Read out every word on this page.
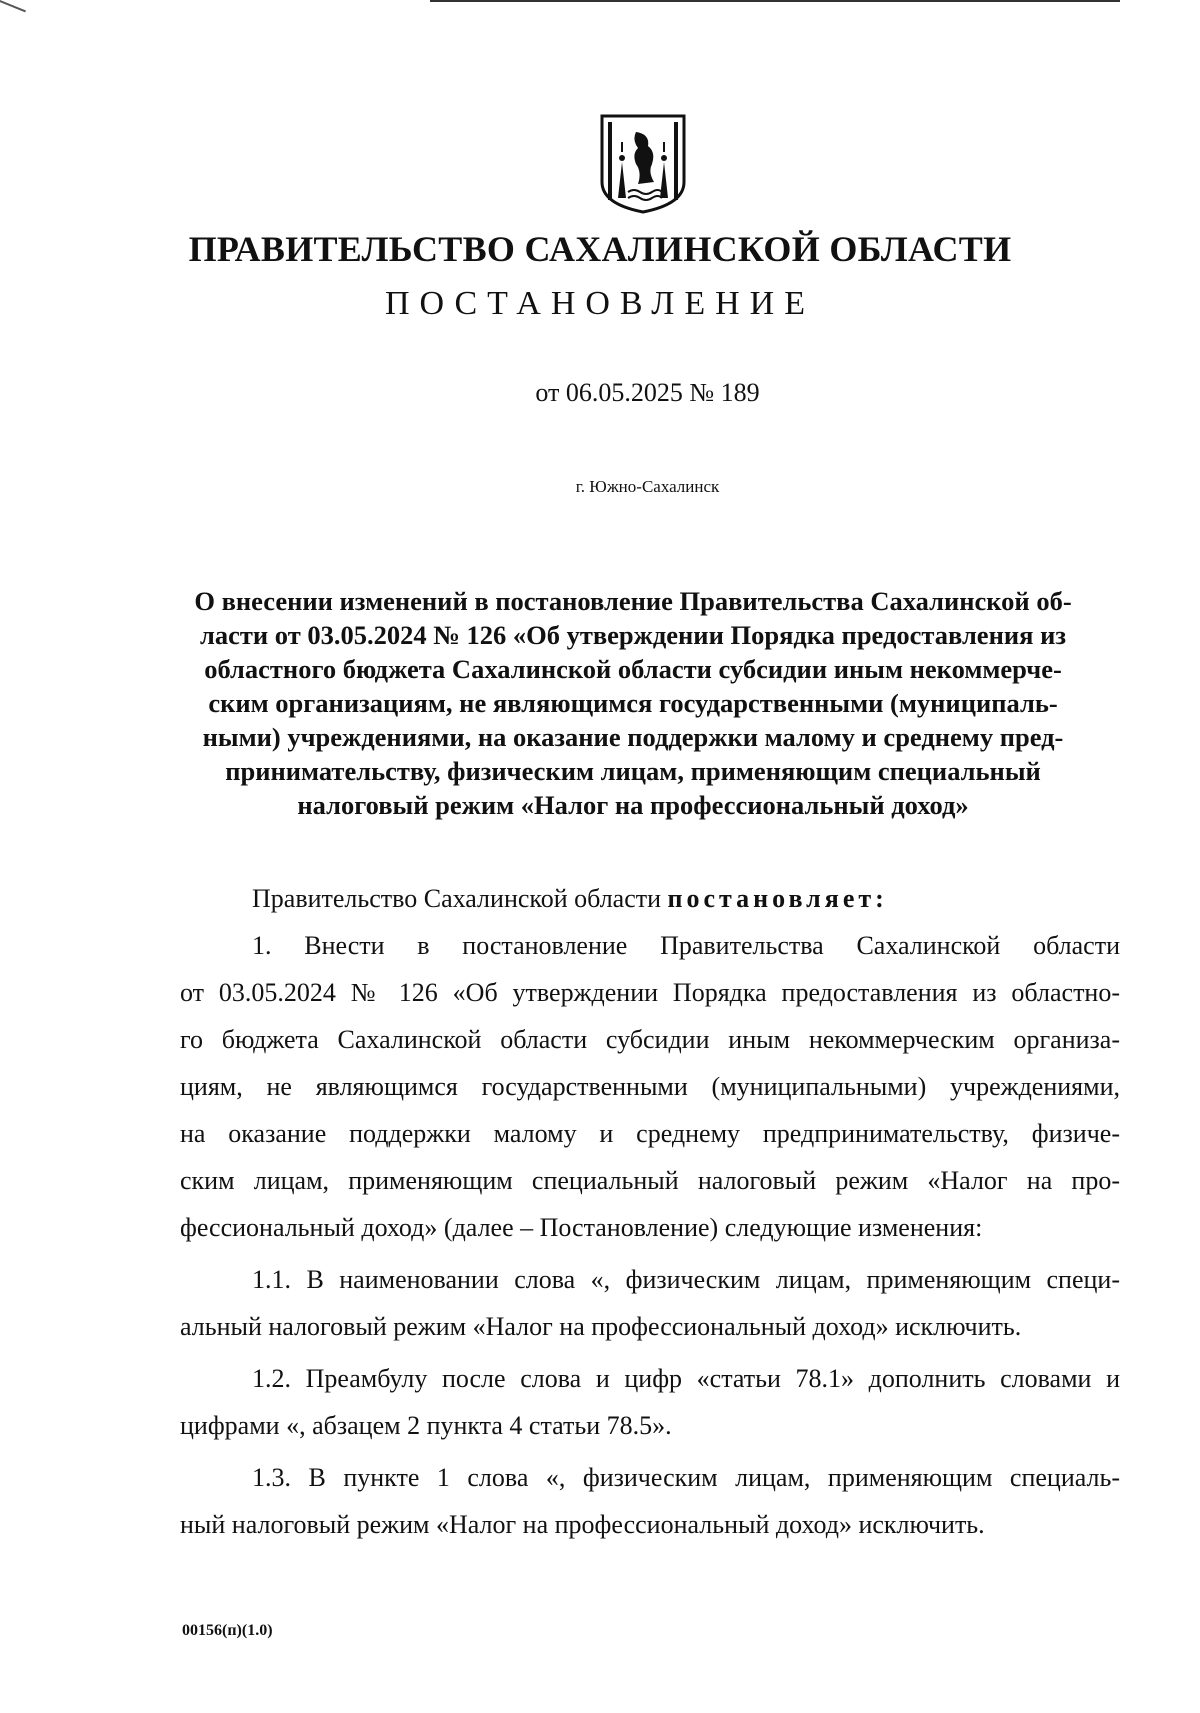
ПРАВИТЕЛЬСТВО САХАЛИНСКОЙ ОБЛАСТИ
ПОСТАНОВЛЕНИЕ
от 06.05.2025 № 189
г. Южно-Сахалинск
О внесении изменений в постановление Правительства Сахалинской об-
ласти от 03.05.2024 № 126 «Об утверждении Порядка предоставления из
областного бюджета Сахалинской области субсидии иным некоммерче-
ским организациям, не являющимся государственными (муниципаль-
ными) учреждениями, на оказание поддержки малому и среднему пред-
принимательству, физическим лицам, применяющим специальный
налоговый режим «Налог на профессиональный доход»
Правительство Сахалинской области постановляет:
1. Внести в постановление Правительства Сахалинской области
от 03.05.2024 № 126 «Об утверждении Порядка предоставления из областно-
го бюджета Сахалинской области субсидии иным некоммерческим организа-
циям, не являющимся государственными (муниципальными) учреждениями,
на оказание поддержки малому и среднему предпринимательству, физиче-
ским лицам, применяющим специальный налоговый режим «Налог на про-
фессиональный доход» (далее – Постановление) следующие изменения:
1.1. В наименовании слова «, физическим лицам, применяющим специ-
альный налоговый режим «Налог на профессиональный доход» исключить.
1.2. Преамбулу после слова и цифр «статьи 78.1» дополнить словами и
цифрами «, абзацем 2 пункта 4 статьи 78.5».
1.3. В пункте 1 слова «, физическим лицам, применяющим специаль-
ный налоговый режим «Налог на профессиональный доход» исключить.
00156(п)(1.0)
